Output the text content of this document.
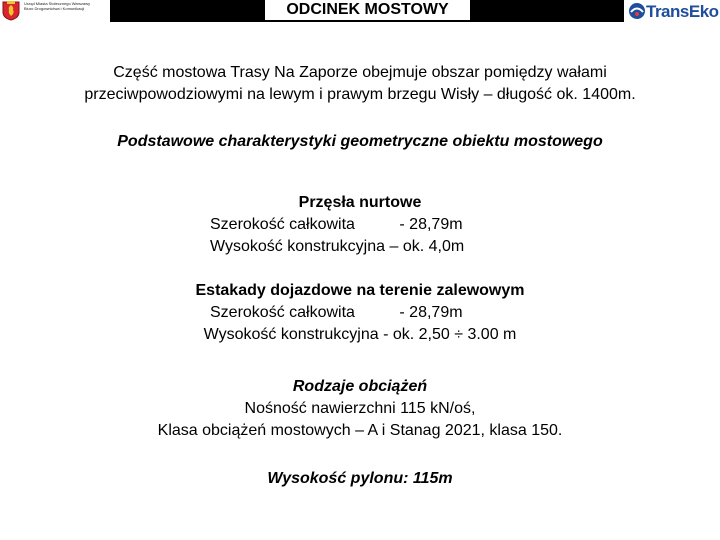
Urząd Miasta Stołecznego Warszawy
Biuro Drogownictwa i Komunikacji	ODCINEK MOSTOWY	TransEko

Część mostowa Trasy Na Zaporze obejmuje obszar pomiędzy wałami

przeciwpowodziowymi na lewym i prawym brzegu Wisły – długość ok. 1400m.

Podstawowe charakterystyki geometryczne obiektu mostowego

Przęsła nurtowe

Szerokość całkowita          - 28,79m

Wysokość konstrukcyjna – ok. 4,0m

Estakady dojazdowe na terenie zalewowym

Szerokość całkowita          - 28,79m

Wysokość konstrukcyjna - ok. 2,50 ÷ 3.00 m

Rodzaje obciążeń

Nośność nawierzchni 115 kN/oś,

Klasa obciążeń mostowych – A i Stanag 2021, klasa 150.

Wysokość pylonu: 115m
